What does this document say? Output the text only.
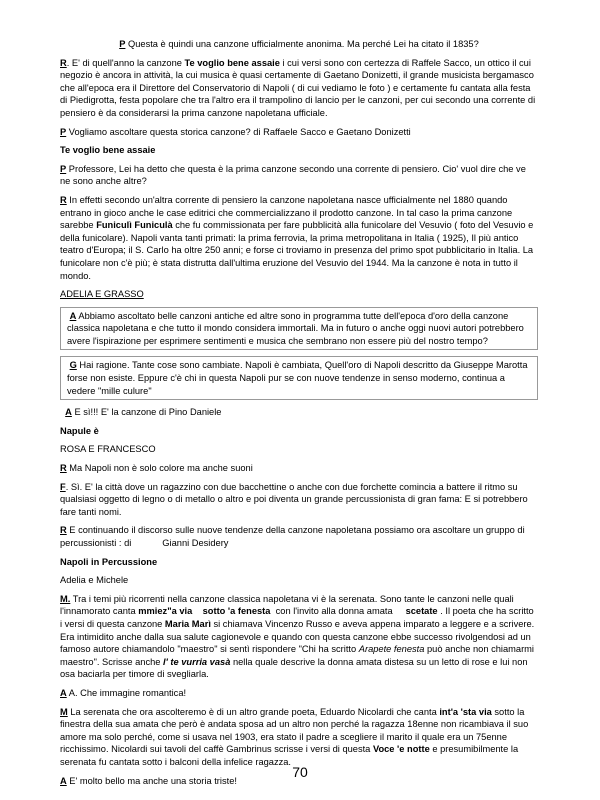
P Questa è quindi una canzone ufficialmente anonima. Ma perché Lei ha citato il 1835?

R. E' di quell'anno la canzone Te voglio bene assaie i cui versi sono con certezza di Raffele Sacco, un ottico il cui negozio è ancora in attività, la cui musica è quasi certamente di Gaetano Donizetti, il grande musicista bergamasco che all'epoca era il Direttore del Conservatorio di Napoli ( di cui vediamo le foto ) e certamente fu cantata alla festa di Piedigrotta, festa popolare che tra l'altro era il trampolino di lancio per le canzoni, per cui secondo una corrente di pensiero è da considerarsi la prima canzone napoletana ufficiale.

P Vogliamo ascoltare questa storica canzone? di Raffaele Sacco e Gaetano Donizetti

Te voglio bene assaie

P Professore, Lei ha detto che questa è la prima canzone secondo una corrente di pensiero. Cio' vuol dire che ve ne sono anche altre?

R In effetti secondo un'altra corrente di pensiero la canzone napoletana nasce ufficialmente nel 1880 quando entrano in gioco anche le case editrici che commercializzano il prodotto canzone. In tal caso la prima canzone sarebbe Funiculì Funiculà che fu commissionata per fare pubblicità alla funicolare del Vesuvio ( foto del Vesuvio e della funicolare). Napoli vanta tanti primati: la prima ferrovia, la prima metropolitana in Italia ( 1925), Il più antico teatro d'Europa; il S. Carlo ha oltre 250 anni; e forse ci troviamo in presenza del primo spot pubblicitario in Italia. La funicolare non c'è più; è stata distrutta dall'ultima eruzione del Vesuvio del 1944. Ma la canzone è nota in tutto il mondo.

ADELIA E GRASSO

A Abbiamo ascoltato belle canzoni antiche ed altre sono in programma tutte dell'epoca d'oro della canzone classica napoletana e che tutto il mondo considera immortali. Ma in futuro o anche oggi nuovi autori potrebbero avere l'ispirazione per esprimere sentimenti e musica che sembrano non essere più del nostro tempo?

G Hai ragione. Tante cose sono cambiate. Napoli è cambiata, Quell'oro di Napoli descritto da Giuseppe Marotta forse non esiste. Eppure c'è chi in questa Napoli pur se con nuove tendenze in senso moderno, continua a vedere "mille culure"

A E sì!!! E' la canzone di Pino Daniele

Napule è

ROSA E FRANCESCO

R Ma Napoli non è solo colore ma anche suoni

F. Sì. E' la città dove un ragazzino con due bacchettine o anche con due forchette comincia a battere il ritmo su qualsiasi oggetto di legno o di metallo o altro e poi diventa un grande percussionista di gran fama: E si potrebbero fare tanti nomi.

R E continuando il discorso sulle nuove tendenze della canzone napoletana possiamo ora ascoltare un gruppo di percussionisti : di            Gianni Desidery

Napoli in Percussione

Adelia e Michele

M. Tra i temi più ricorrenti nella canzone classica napoletana vi è la serenata. Sono tante le canzoni nelle quali l'innamorato canta mmiez"a via    sotto 'a fenesta  con l'invito alla donna amata     scetate . Il poeta che ha scritto i versi di questa canzone Maria Marì si chiamava Vincenzo Russo e aveva appena imparato a leggere e a scrivere. Era intimidito anche dalla sua salute cagionevole e quando con questa canzone ebbe successo rivolgendosi ad un famoso autore chiamandolo "maestro" si sentì rispondere "Chi ha scritto Arapete fenesta può anche non chiamarmi maestro". Scrisse anche l' te vurria vasà nella quale descrive la donna amata distesa su un letto di rose e lui non osa baciarla per timore di svegliarla.

A A. Che immagine romantica!

M La serenata che ora ascolteremo è di un altro grande poeta, Eduardo Nicolardi che canta int'a 'sta via sotto la finestra della sua amata che però è andata sposa ad un altro non perché la ragazza 18enne non ricambiava il suo amore ma solo perché, come si usava nel 1903, era stato il padre a scegliere il marito il quale era un 75enne ricchissimo. Nicolardi sui tavoli del caffè Gambrinus scrisse i versi di questa Voce 'e notte e presumibilmente la serenata fu cantata sotto i balconi della infelice ragazza.

A E' molto bello ma anche una storia triste!

70
